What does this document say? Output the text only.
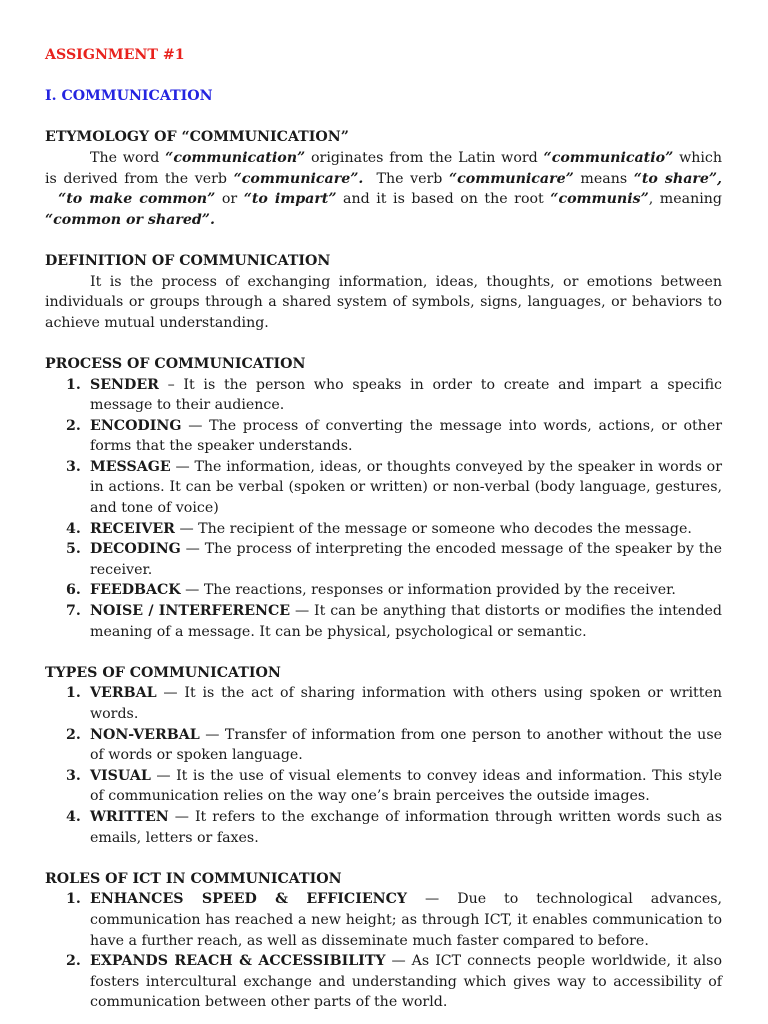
ASSIGNMENT #1

I. COMMUNICATION

ETYMOLOGY OF “COMMUNICATION”

The word “communication” originates from the Latin word “communicatio” which is derived from the verb “communicare”.  The verb “communicare” means “to share”,  “to make common” or “to impart” and it is based on the root “communis”, meaning “common or shared”.

DEFINITION OF COMMUNICATION

It is the process of exchanging information, ideas, thoughts, or emotions between individuals or groups through a shared system of symbols, signs, languages, or behaviors to achieve mutual understanding.

PROCESS OF COMMUNICATION

1. SENDER – It is the person who speaks in order to create and impart a specific message to their audience.
2. ENCODING — The process of converting the message into words, actions, or other forms that the speaker understands.
3. MESSAGE — The information, ideas, or thoughts conveyed by the speaker in words or in actions. It can be verbal (spoken or written) or non-verbal (body language, gestures, and tone of voice)
4. RECEIVER — The recipient of the message or someone who decodes the message.
5. DECODING — The process of interpreting the encoded message of the speaker by the receiver.
6. FEEDBACK — The reactions, responses or information provided by the receiver.
7. NOISE / INTERFERENCE — It can be anything that distorts or modifies the intended meaning of a message. It can be physical, psychological or semantic.

TYPES OF COMMUNICATION

1. VERBAL — It is the act of sharing information with others using spoken or written words.
2. NON-VERBAL — Transfer of information from one person to another without the use of words or spoken language.
3. VISUAL — It is the use of visual elements to convey ideas and information. This style of communication relies on the way one’s brain perceives the outside images.
4. WRITTEN — It refers to the exchange of information through written words such as emails, letters or faxes.

ROLES OF ICT IN COMMUNICATION

1. ENHANCES SPEED & EFFICIENCY — Due to technological advances, communication has reached a new height; as through ICT, it enables communication to have a further reach, as well as disseminate much faster compared to before.
2. EXPANDS REACH & ACCESSIBILITY — As ICT connects people worldwide, it also fosters intercultural exchange and understanding which gives way to accessibility of communication between other parts of the world.
